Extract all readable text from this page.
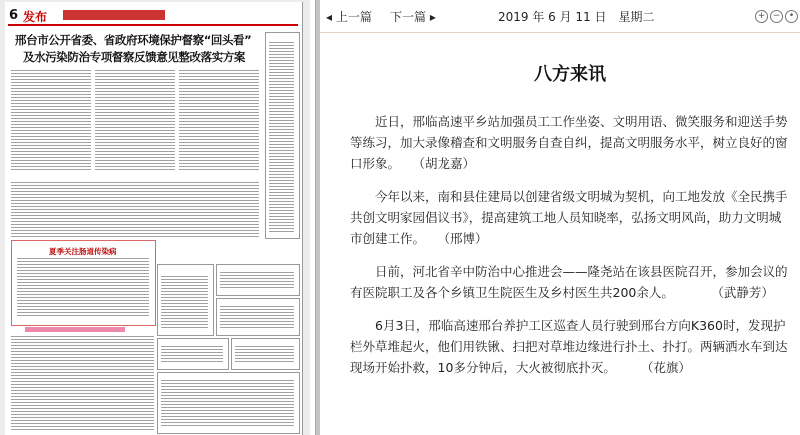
6 发布
邢台市公开省委、省政府环境保护督察“回头看”
及水污染防治专项督察反馈意见整改落实方案
夏季关注肠道传染病
◂ 上一篇 下一篇 ▸	2019 年 6 月 11 日　星期二	+ − •
八方来讯

近日，邢临高速平乡站加强员工工作坐姿、文明用语、微笑服务和迎送手势等练习，加大录像稽查和文明服务自查自纠，提高文明服务水平，树立良好的窗口形象。　　（胡龙嘉）

今年以来，南和县住建局以创建省级文明城为契机，向工地发放《全民携手共创文明家园倡议书》，提高建筑工地人员知晓率，弘扬文明风尚，助力文明城市创建工作。　　（邢博）

日前，河北省辛中防治中心推进会——隆尧站在该县医院召开，参加会议的有医院职工及各个乡镇卫生院医生及乡村医生共200余人。　　　　（武静芳）

6月3日，邢临高速邢台养护工区巡查人员行驶到邢台方向K360时，发现护栏外草堆起火，他们用铁锹、扫把对草堆边缘进行扑土、扑打。两辆洒水车到达现场开始扑救，10多分钟后，大火被彻底扑灭。　　　（花旗）
